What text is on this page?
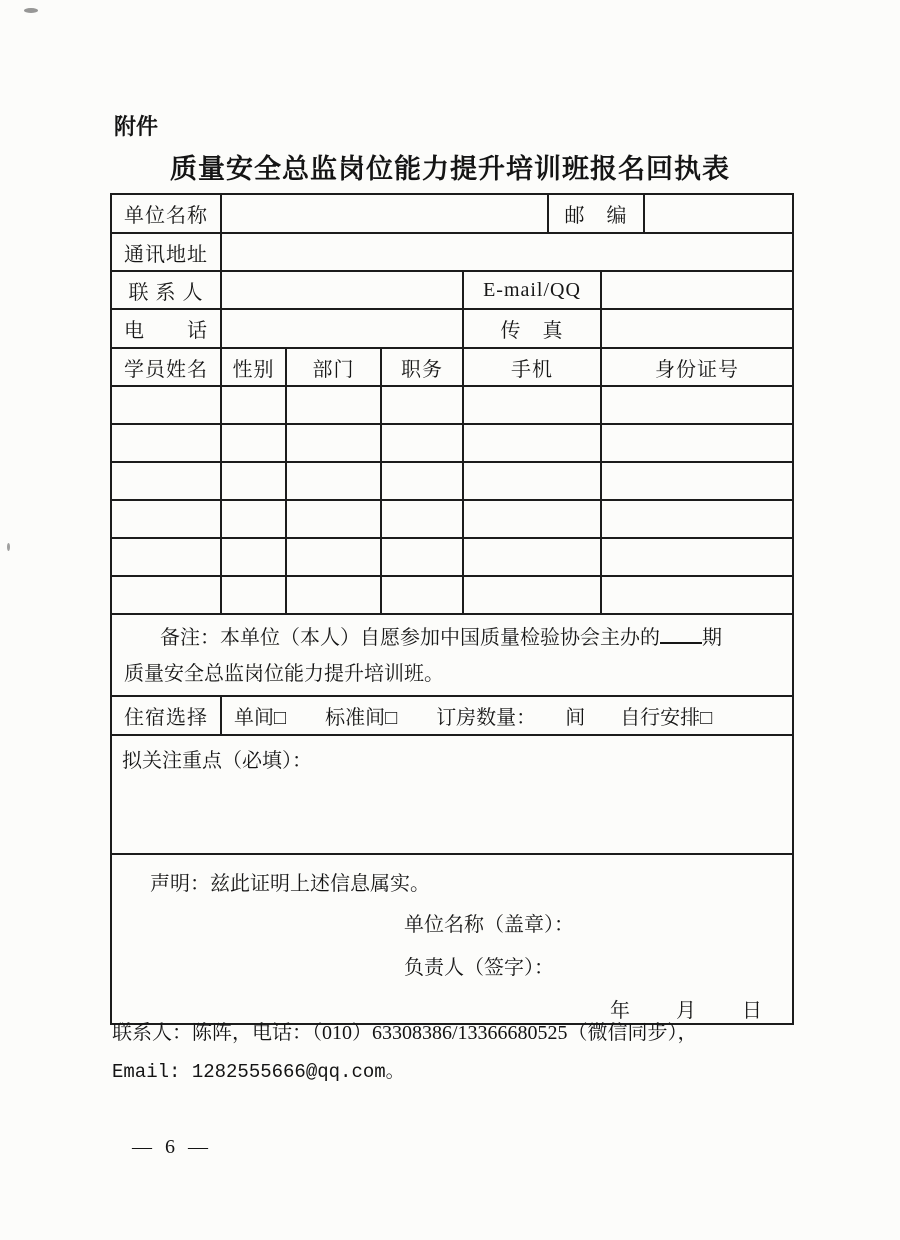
附件
质量安全总监岗位能力提升培训班报名回执表
单位名称					邮　编		
通讯地址							
联 系 人				E-mail/QQ			
电　　话				传　真			
学员姓名	性别	部门	职务	手机		身份证号	

备注：本单位（本人）自愿参加中国质量检验协会主办的 期
质量安全总监岗位能力提升培训班。							

住宿选择	单间□ 标准间□ 订房数量： 间 自行安排□						
拟关注重点（必填）：							

声明：兹此证明上述信息属实。
单位名称（盖章）：
负责人（签字）：
年　　月　　日							
联系人：陈阵，电话：（010）63308386/13366680525（微信同步），
Email: 1282555666@qq.com。
— 6 —
